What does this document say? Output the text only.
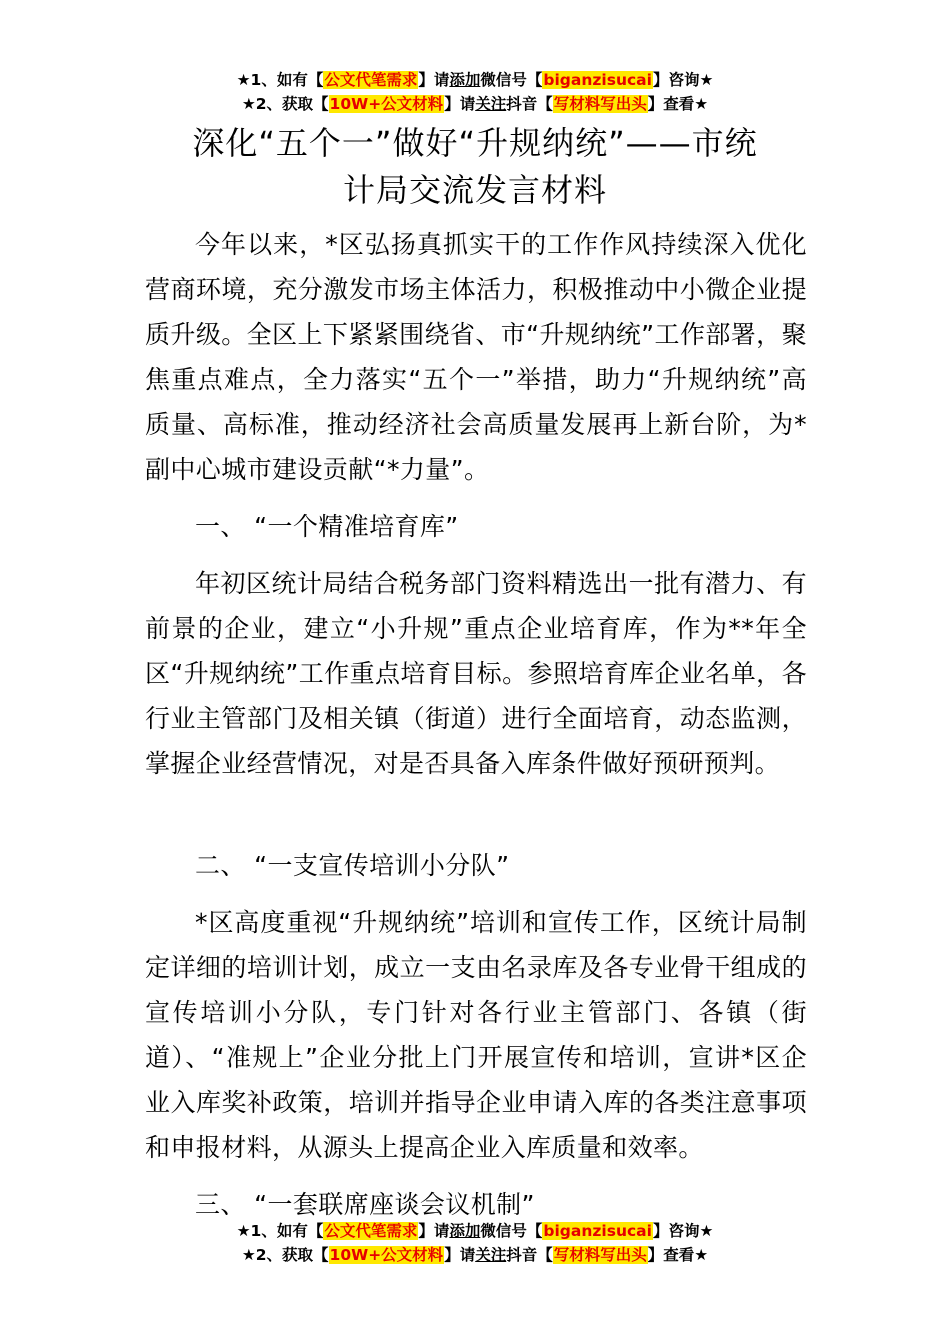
★1、如有【公文代笔需求】请添加微信号【biganzisucai】咨询★
★2、获取【10W+公文材料】请关注抖音【写材料写出头】查看★
深化“五个一”做好“升规纳统”——市统
计局交流发言材料

今年以来，*区弘扬真抓实干的工作作风持续深入优化营商环境，充分激发市场主体活力，积极推动中小微企业提质升级。全区上下紧紧围绕省、市“升规纳统”工作部署，聚焦重点难点，全力落实“五个一”举措，助力“升规纳统”高质量、高标准，推动经济社会高质量发展再上新台阶，为*副中心城市建设贡献“*力量”。

一、 “一个精准培育库”

年初区统计局结合税务部门资料精选出一批有潜力、有前景的企业，建立“小升规”重点企业培育库，作为**年全区“升规纳统”工作重点培育目标。参照培育库企业名单，各行业主管部门及相关镇（街道）进行全面培育，动态监测，掌握企业经营情况，对是否具备入库条件做好预研预判。

二、 “一支宣传培训小分队”

*区高度重视“升规纳统”培训和宣传工作，区统计局制定详细的培训计划，成立一支由名录库及各专业骨干组成的宣传培训小分队，专门针对各行业主管部门、各镇（街道）、“准规上”企业分批上门开展宣传和培训，宣讲*区企业入库奖补政策，培训并指导企业申请入库的各类注意事项和申报材料，从源头上提高企业入库质量和效率。

三、 “一套联席座谈会议机制”

★1、如有【公文代笔需求】请添加微信号【biganzisucai】咨询★
★2、获取【10W+公文材料】请关注抖音【写材料写出头】查看★
